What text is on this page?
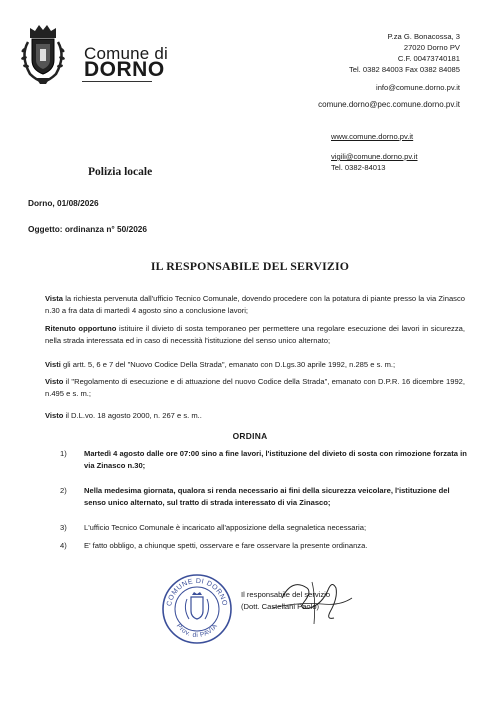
Comune di
DORNO
P.za G. Bonacossa, 3
27020 Dorno PV
C.F. 00473740181
Tel. 0382 84003 Fax 0382 84085
info@comune.dorno.pv.it
comune.dorno@pec.comune.dorno.pv.it
www.comune.dorno.pv.it
vigili@comune.dorno.pv.it
Tel. 0382-84013
Polizia locale
Dorno, 01/08/2026
Oggetto: ordinanza n° 50/2026
IL RESPONSABILE DEL SERVIZIO
Vista la richiesta pervenuta dall'ufficio Tecnico Comunale, dovendo procedere con la potatura di piante presso la via Zinasco n.30 a fra data di martedì 4 agosto sino a conclusione lavori;
Ritenuto opportuno istituire il divieto di sosta temporaneo per permettere una regolare esecuzione dei lavori in sicurezza, nella strada interessata ed in caso di necessità l'istituzione del senso unico alternato;
Visti gli artt. 5, 6 e 7 del "Nuovo Codice Della Strada", emanato con D.Lgs.30 aprile 1992, n.285 e s. m.;
Visto il "Regolamento di esecuzione e di attuazione del nuovo Codice della Strada", emanato con D.P.R. 16 dicembre 1992, n.495 e s. m.;
Visto il D.L.vo. 18 agosto 2000, n. 267 e s. m..
ORDINA
1) Martedì 4 agosto dalle ore 07:00 sino a fine lavori, l'istituzione del divieto di sosta con rimozione forzata in via Zinasco n.30;
2) Nella medesima giornata, qualora si renda necessario ai fini della sicurezza veicolare, l'istituzione del senso unico alternato, sul tratto di strada interessato di via Zinasco;
3) L'ufficio Tecnico Comunale è incaricato all'apposizione della segnaletica necessaria;
4) E' fatto obbligo, a chiunque spetti, osservare e fare osservare la presente ordinanza.
COMUNE DI DORNO
Prov. di PAVIA
Il responsabile del servizio
(Dott. Castellani Paolo)
